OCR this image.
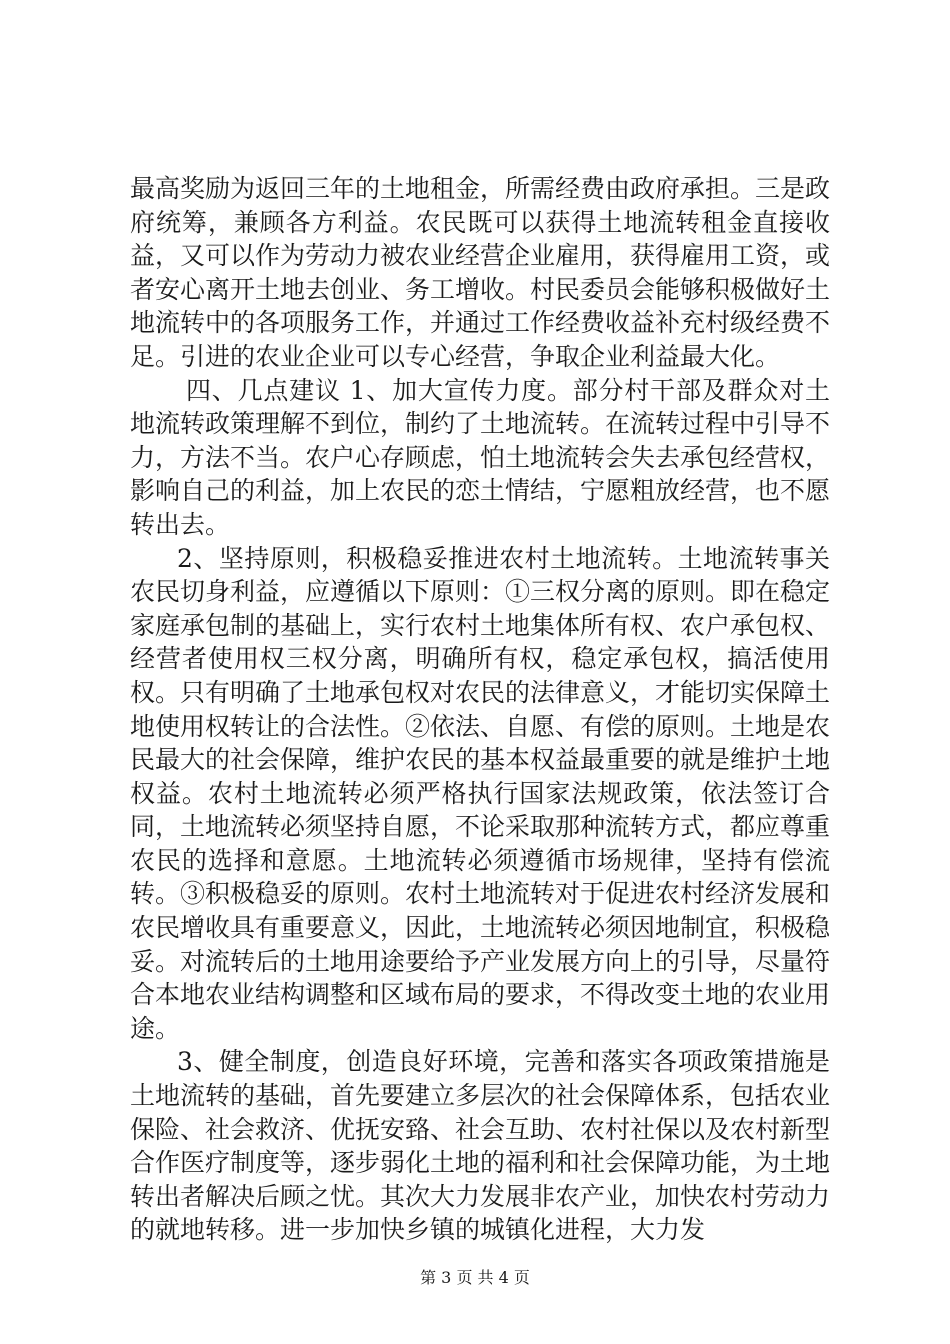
最高奖励为返回三年的土地租金，所需经费由政府承担。三是政府统筹，兼顾各方利益。农民既可以获得土地流转租金直接收益，又可以作为劳动力被农业经营企业雇用，获得雇用工资，或者安心离开土地去创业、务工增收。村民委员会能够积极做好土地流转中的各项服务工作，并通过工作经费收益补充村级经费不足。引进的农业企业可以专心经营，争取企业利益最大化。

四、几点建议 1、加大宣传力度。部分村干部及群众对土地流转政策理解不到位，制约了土地流转。在流转过程中引导不力，方法不当。农户心存顾虑，怕土地流转会失去承包经营权，影响自己的利益，加上农民的恋土情结，宁愿粗放经营，也不愿转出去。

2、坚持原则，积极稳妥推进农村土地流转。土地流转事关农民切身利益，应遵循以下原则：①三权分离的原则。即在稳定家庭承包制的基础上，实行农村土地集体所有权、农户承包权、经营者使用权三权分离，明确所有权，稳定承包权，搞活使用权。只有明确了土地承包权对农民的法律意义，才能切实保障土地使用权转让的合法性。②依法、自愿、有偿的原则。土地是农民最大的社会保障，维护农民的基本权益最重要的就是维护土地权益。农村土地流转必须严格执行国家法规政策，依法签订合同，土地流转必须坚持自愿，不论采取那种流转方式，都应尊重农民的选择和意愿。土地流转必须遵循市场规律，坚持有偿流转。③积极稳妥的原则。农村土地流转对于促进农村经济发展和农民增收具有重要意义，因此，土地流转必须因地制宜，积极稳妥。对流转后的土地用途要给予产业发展方向上的引导，尽量符合本地农业结构调整和区域布局的要求，不得改变土地的农业用途。

3、健全制度，创造良好环境，完善和落实各项政策措施是土地流转的基础，首先要建立多层次的社会保障体系，包括农业保险、社会救济、优抚安臵、社会互助、农村社保以及农村新型合作医疗制度等，逐步弱化土地的福利和社会保障功能，为土地转出者解决后顾之忧。其次大力发展非农产业，加快农村劳动力的就地转移。进一步加快乡镇的城镇化进程，大力发

第 3 页 共 4 页
